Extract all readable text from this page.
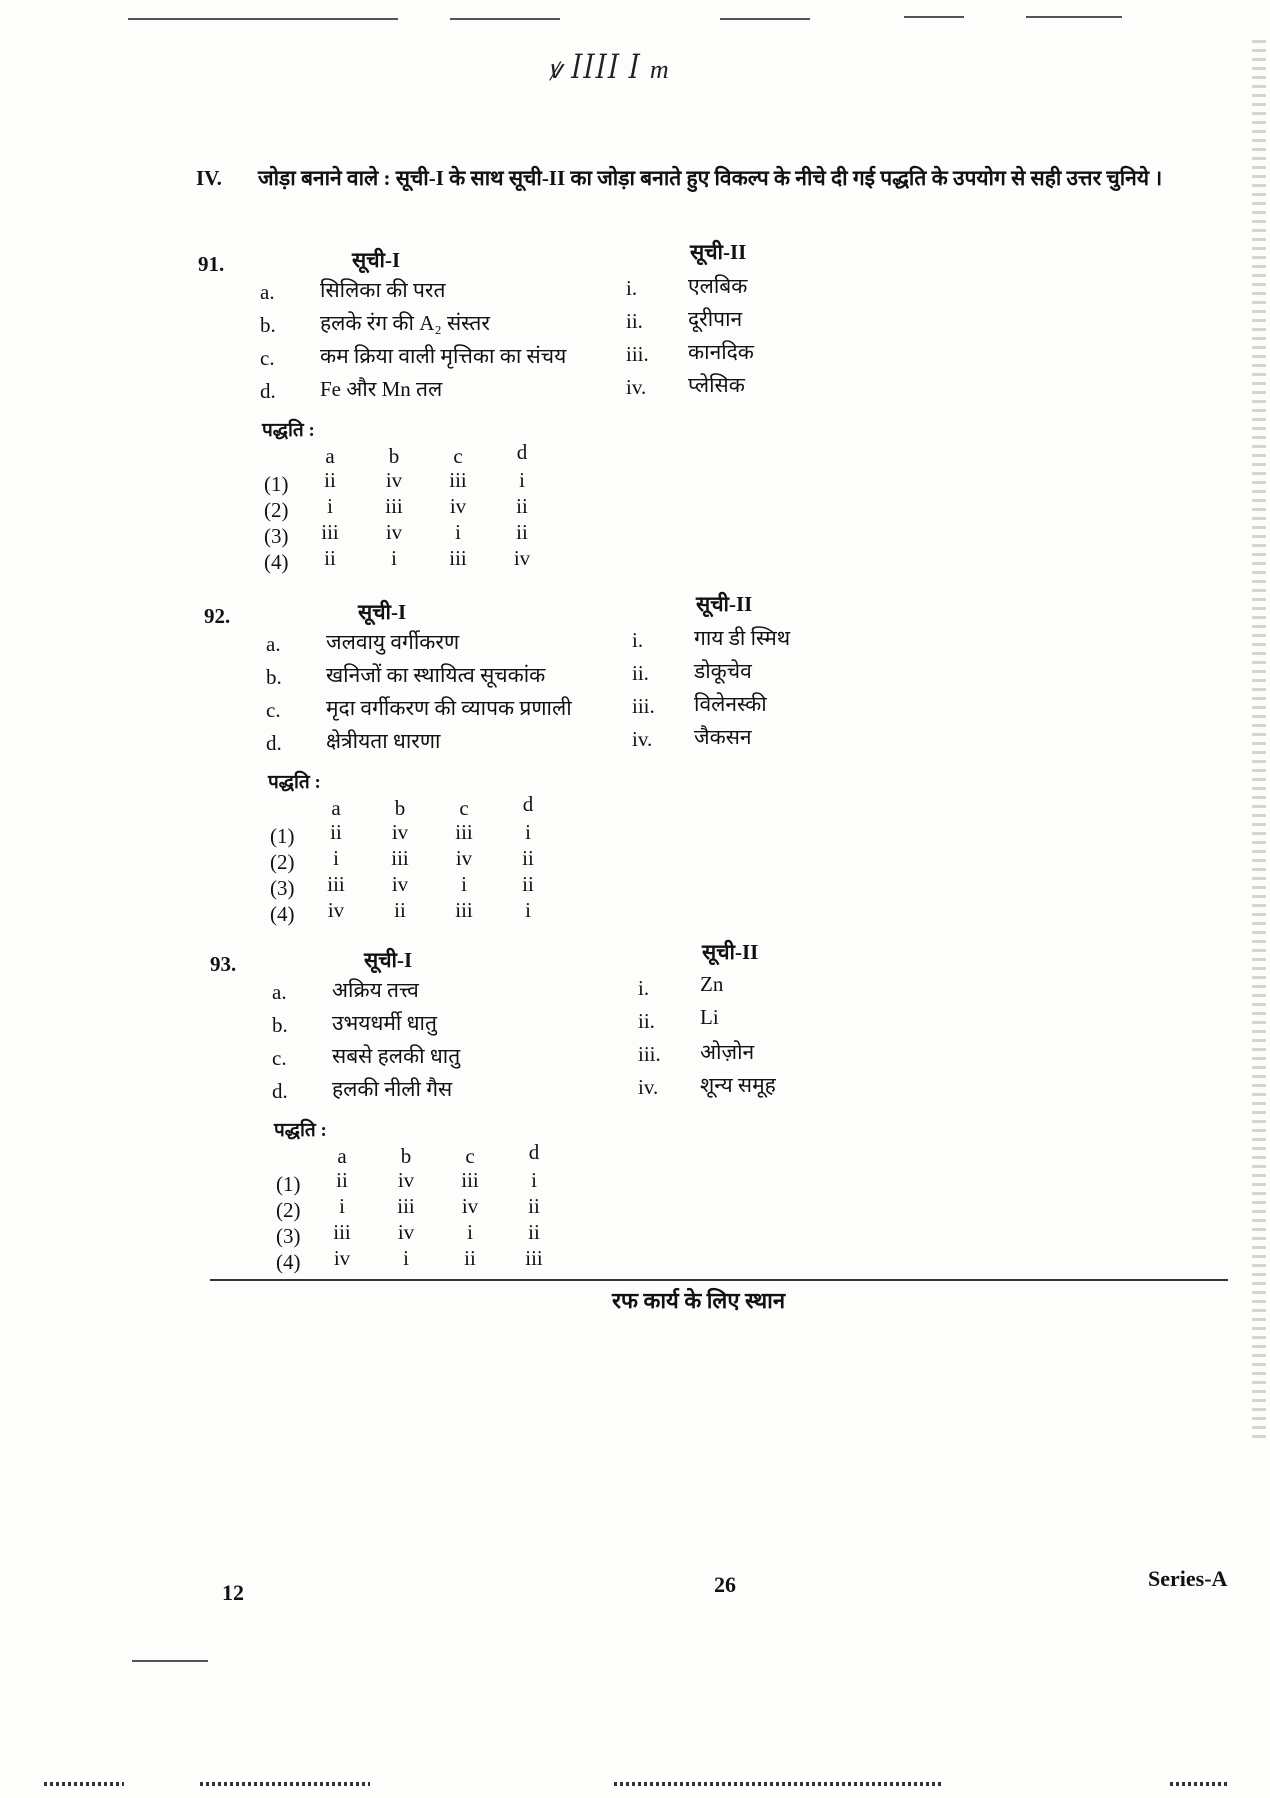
ꝟ ꟾꟾꟾꟾ ꟾ m
IV. जोड़ा बनाने वाले : सूची-I के साथ सूची-II का जोड़ा बनाते हुए विकल्प के नीचे दी गई पद्धति के उपयोग से सही उत्तर चुनिये ।
91.	सूची-I	सूची-II
a. सिलिका की परत	i. एलबिक
b. हलके रंग की A₂ संस्तर	ii. दूरीपान
c. कम क्रिया वाली मृत्तिका का संचय	iii. कानदिक
d. Fe और Mn तल	iv. प्लेसिक
पद्धति :
a	b	c	d
(1)	ii	iv	iii	i
(2)	i	iii	iv	ii
(3)	iii	iv	i	ii
(4)	ii	i	iii	iv
92.	सूची-I	सूची-II
a. जलवायु वर्गीकरण	i. गाय डी स्मिथ
b. खनिजों का स्थायित्व सूचकांक	ii. डोकूचेव
c. मृदा वर्गीकरण की व्यापक प्रणाली	iii. विलेनस्की
d. क्षेत्रीयता धारणा	iv. जैकसन
पद्धति :
a	b	c	d
(1)	ii	iv	iii	i
(2)	i	iii	iv	ii
(3)	iii	iv	i	ii
(4)	iv	ii	iii	i
93.	सूची-I	सूची-II
a. अक्रिय तत्त्व	i. Zn
b. उभयधर्मी धातु	ii. Li
c. सबसे हलकी धातु	iii. ओज़ोन
d. हलकी नीली गैस	iv. शून्य समूह
पद्धति :
a	b	c	d
(1)	ii	iv	iii	i
(2)	i	iii	iv	ii
(3)	iii	iv	i	ii
(4)	iv	i	ii	iii
रफ कार्य के लिए स्थान
12	26	Series-A
